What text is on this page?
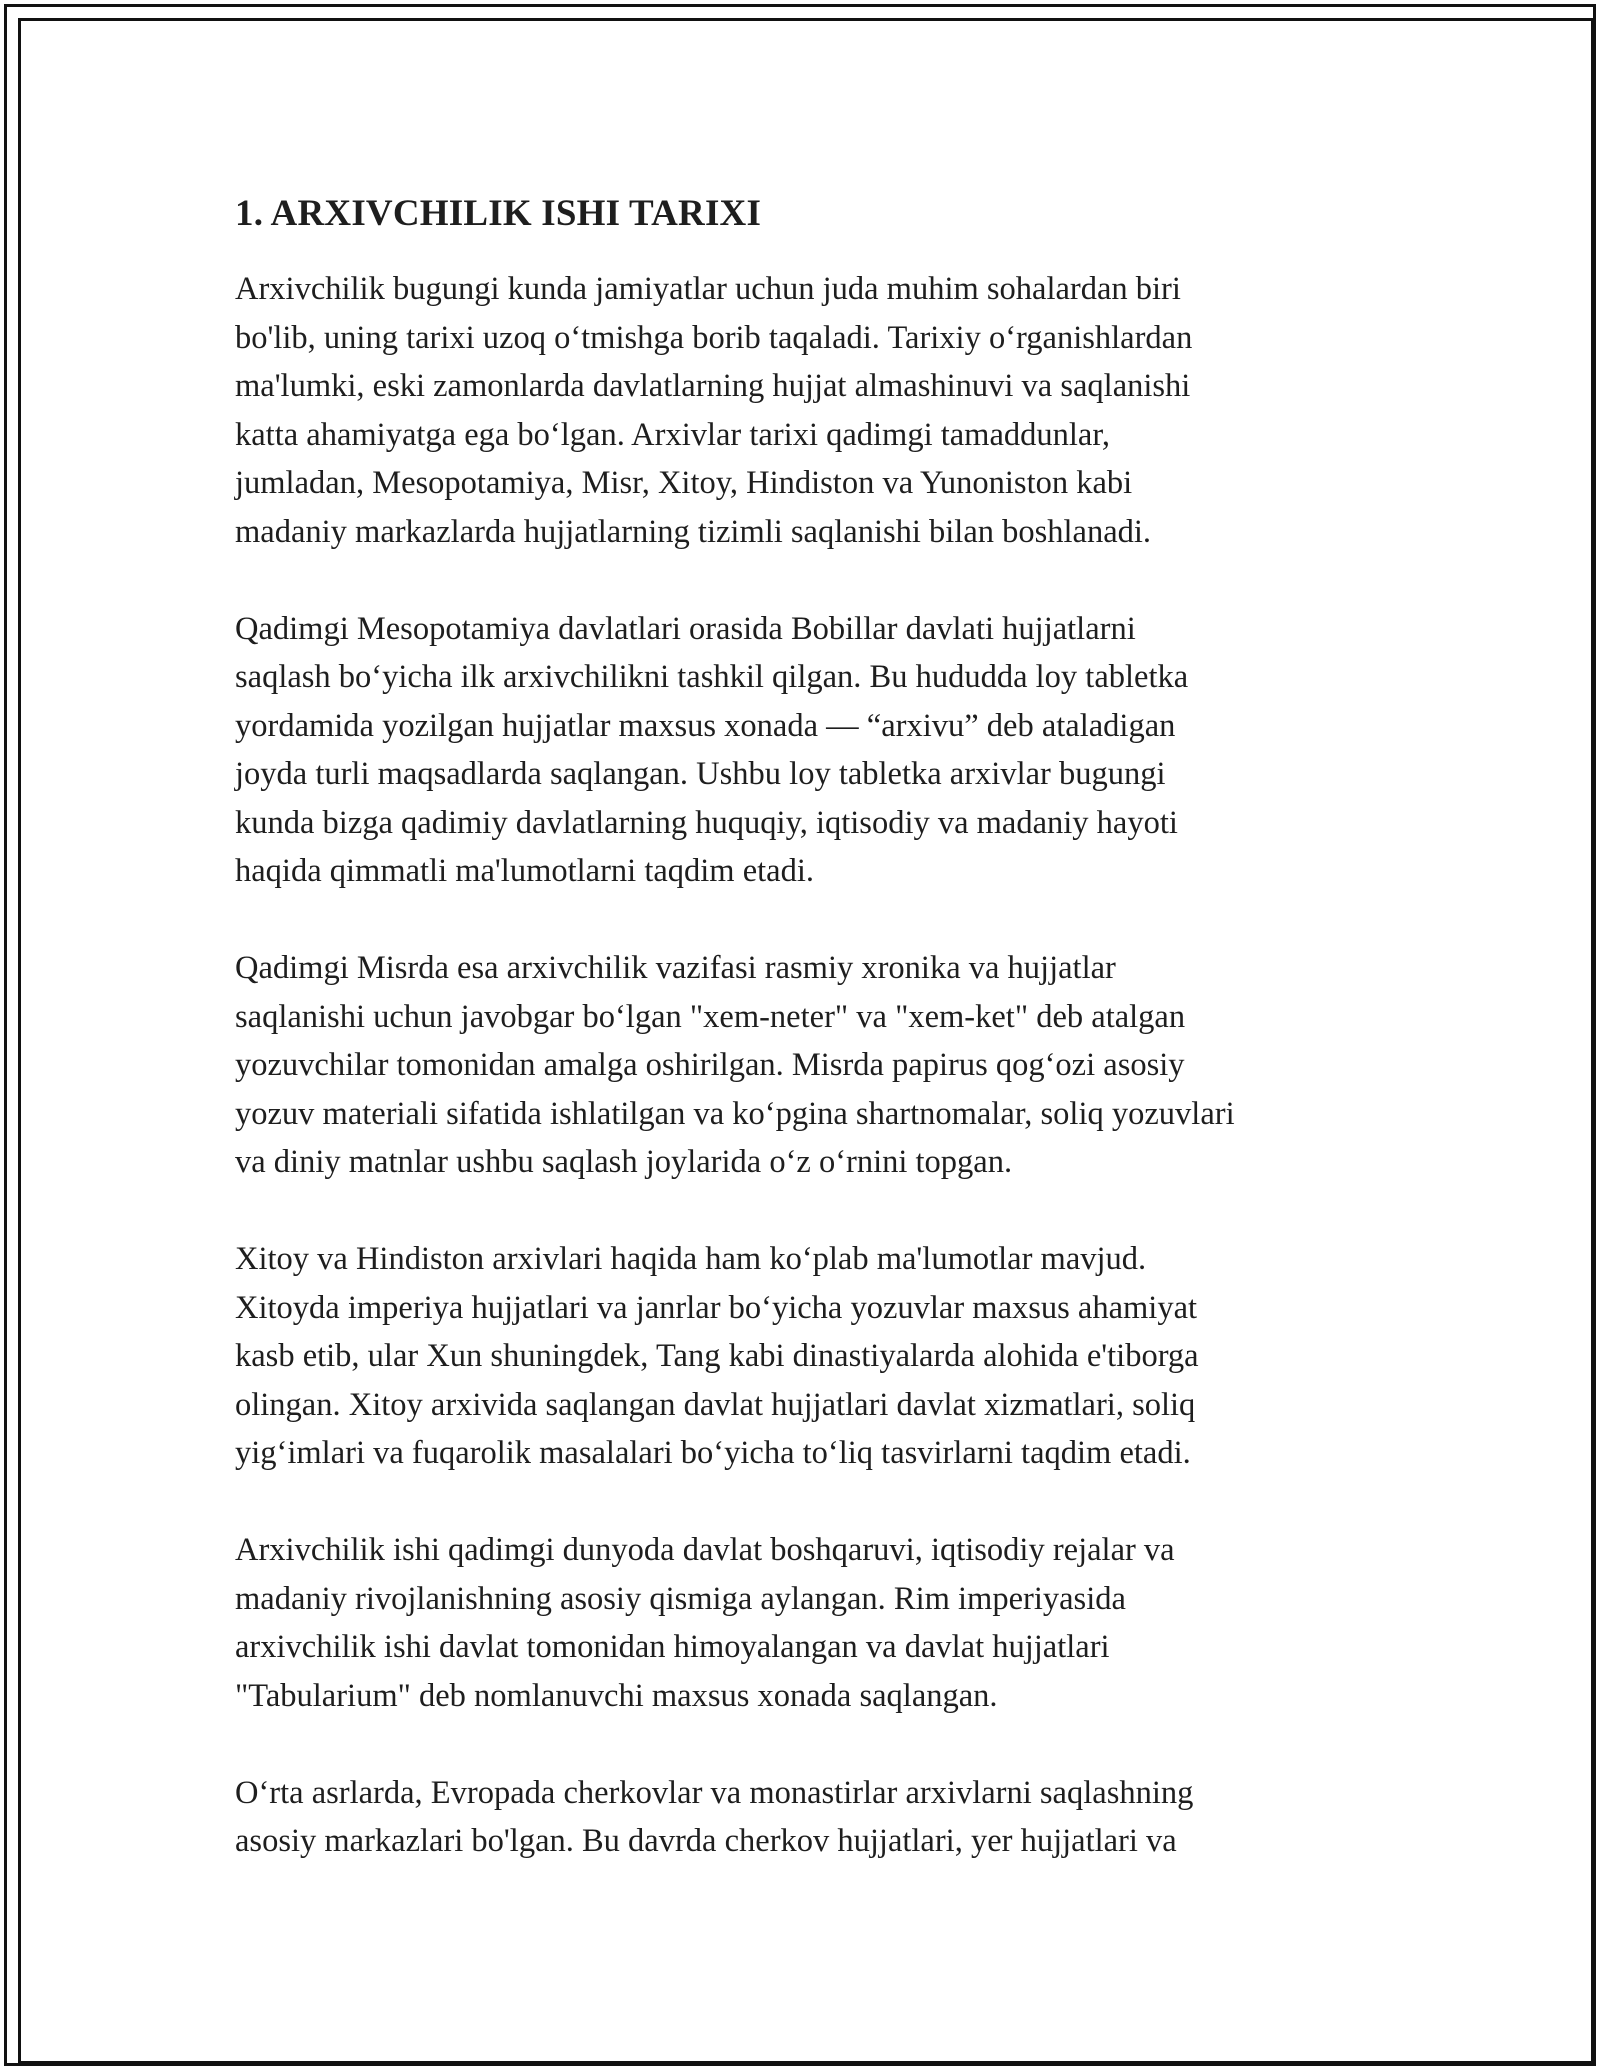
1. ARXIVCHILIK ISHI TARIXI

Arxivchilik bugungi kunda jamiyatlar uchun juda muhim sohalardan biri
bo'lib, uning tarixi uzoq o‘tmishga borib taqaladi. Tarixiy o‘rganishlardan
ma'lumki, eski zamonlarda davlatlarning hujjat almashinuvi va saqlanishi
katta ahamiyatga ega bo‘lgan. Arxivlar tarixi qadimgi tamaddunlar,
jumladan, Mesopotamiya, Misr, Xitoy, Hindiston va Yunoniston kabi
madaniy markazlarda hujjatlarning tizimli saqlanishi bilan boshlanadi.

Qadimgi Mesopotamiya davlatlari orasida Bobillar davlati hujjatlarni
saqlash bo‘yicha ilk arxivchilikni tashkil qilgan. Bu hududda loy tabletka
yordamida yozilgan hujjatlar maxsus xonada — “arxivu” deb ataladigan
joyda turli maqsadlarda saqlangan. Ushbu loy tabletka arxivlar bugungi
kunda bizga qadimiy davlatlarning huquqiy, iqtisodiy va madaniy hayoti
haqida qimmatli ma'lumotlarni taqdim etadi.

Qadimgi Misrda esa arxivchilik vazifasi rasmiy xronika va hujjatlar
saqlanishi uchun javobgar bo‘lgan "xem-neter" va "xem-ket" deb atalgan
yozuvchilar tomonidan amalga oshirilgan. Misrda papirus qog‘ozi asosiy
yozuv materiali sifatida ishlatilgan va ko‘pgina shartnomalar, soliq yozuvlari
va diniy matnlar ushbu saqlash joylarida o‘z o‘rnini topgan.

Xitoy va Hindiston arxivlari haqida ham ko‘plab ma'lumotlar mavjud.
Xitoyda imperiya hujjatlari va janrlar bo‘yicha yozuvlar maxsus ahamiyat
kasb etib, ular Xun shuningdek, Tang kabi dinastiyalarda alohida e'tiborga
olingan. Xitoy arxivida saqlangan davlat hujjatlari davlat xizmatlari, soliq
yig‘imlari va fuqarolik masalalari bo‘yicha to‘liq tasvirlarni taqdim etadi.

Arxivchilik ishi qadimgi dunyoda davlat boshqaruvi, iqtisodiy rejalar va
madaniy rivojlanishning asosiy qismiga aylangan. Rim imperiyasida
arxivchilik ishi davlat tomonidan himoyalangan va davlat hujjatlari
"Tabularium" deb nomlanuvchi maxsus xonada saqlangan.

O‘rta asrlarda, Evropada cherkovlar va monastirlar arxivlarni saqlashning
asosiy markazlari bo'lgan. Bu davrda cherkov hujjatlari, yer hujjatlari va
